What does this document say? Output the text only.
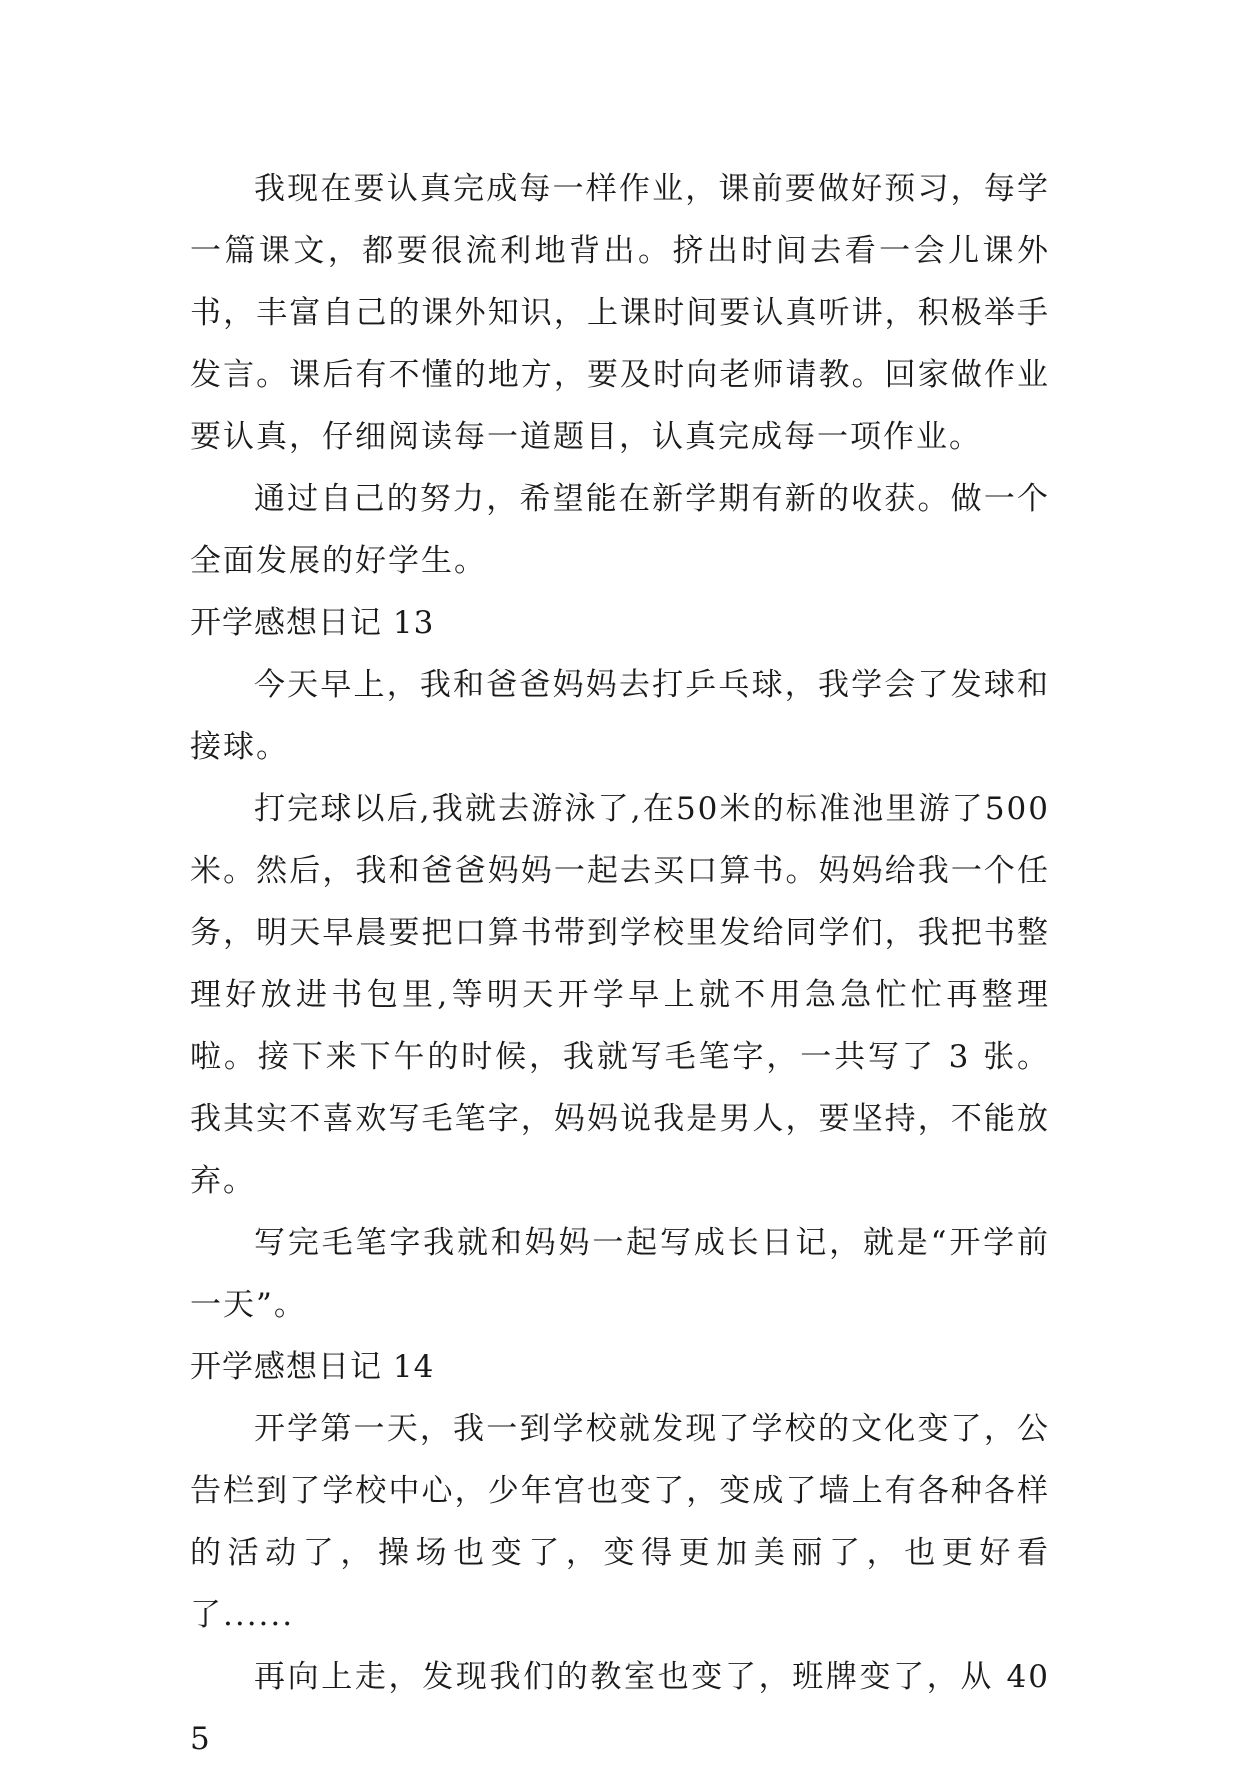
我现在要认真完成每一样作业，课前要做好预习，每学一篇课文，都要很流利地背出。挤出时间去看一会儿课外书，丰富自己的课外知识，上课时间要认真听讲，积极举手发言。课后有不懂的地方，要及时向老师请教。回家做作业要认真，仔细阅读每一道题目，认真完成每一项作业。

通过自己的努力，希望能在新学期有新的收获。做一个全面发展的好学生。

开学感想日记 13

今天早上，我和爸爸妈妈去打乒乓球，我学会了发球和接球。

打完球以后,我就去游泳了,在50米的标准池里游了500米。然后，我和爸爸妈妈一起去买口算书。妈妈给我一个任务，明天早晨要把口算书带到学校里发给同学们，我把书整理好放进书包里,等明天开学早上就不用急急忙忙再整理啦。接下来下午的时候，我就写毛笔字，一共写了 3 张。我其实不喜欢写毛笔字，妈妈说我是男人，要坚持，不能放弃。

写完毛笔字我就和妈妈一起写成长日记，就是“开学前一天”。

开学感想日记 14

开学第一天，我一到学校就发现了学校的文化变了，公告栏到了学校中心，少年宫也变了，变成了墙上有各种各样的活动了，操场也变了，变得更加美丽了，也更好看了......

再向上走，发现我们的教室也变了，班牌变了，从 405
